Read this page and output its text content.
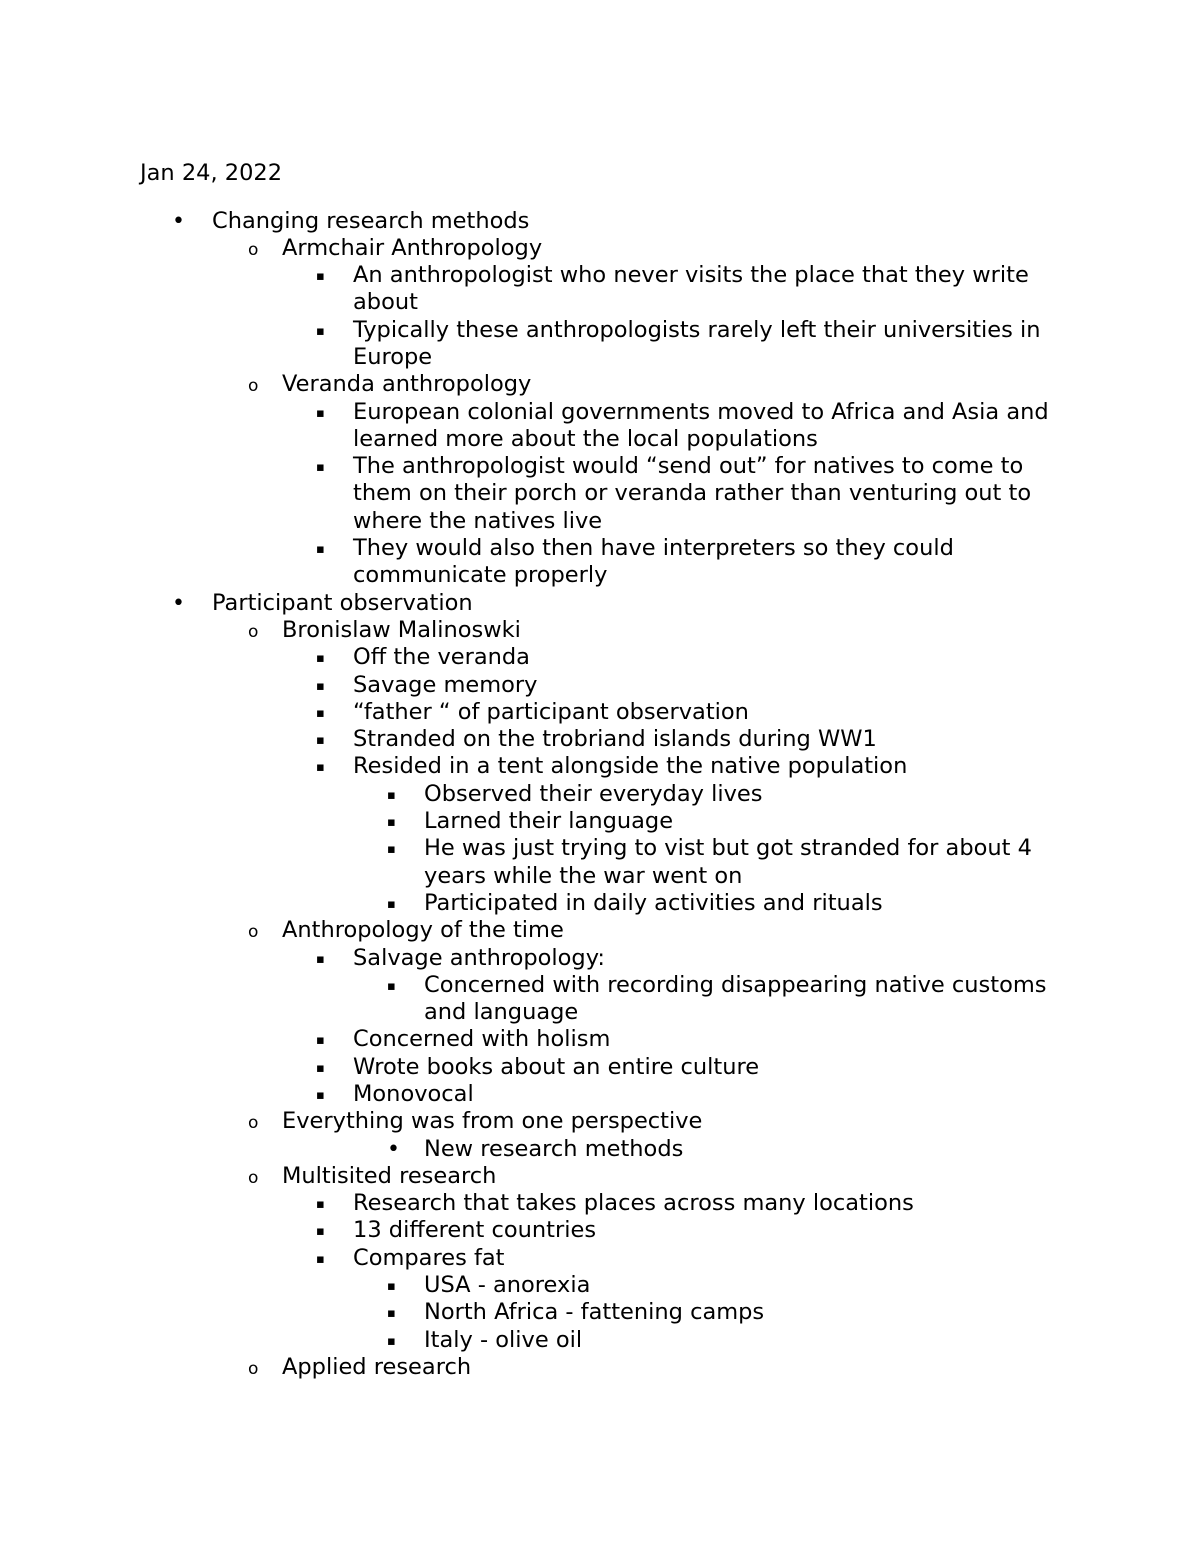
Jan 24, 2022
• Changing research methods
o Armchair Anthropology
▪ An anthropologist who never visits the place that they write about
▪ Typically these anthropologists rarely left their universities in Europe
o Veranda anthropology
▪ European colonial governments moved to Africa and Asia and learned more about the local populations
▪ The anthropologist would “send out” for natives to come to them on their porch or veranda rather than venturing out to where the natives live
▪ They would also then have interpreters so they could communicate properly
• Participant observation
o Bronislaw Malinoswki
▪ Off the veranda
▪ Savage memory
▪ “father “ of participant observation
▪ Stranded on the trobriand islands during WW1
▪ Resided in a tent alongside the native population
▪ Observed their everyday lives
▪ Larned their language
▪ He was just trying to vist but got stranded for about 4 years while the war went on
▪ Participated in daily activities and rituals
o Anthropology of the time
▪ Salvage anthropology:
▪ Concerned with recording disappearing native customs and language
▪ Concerned with holism
▪ Wrote books about an entire culture
▪ Monovocal
o Everything was from one perspective
• New research methods
o Multisited research
▪ Research that takes places across many locations
▪ 13 different countries
▪ Compares fat
▪ USA - anorexia
▪ North Africa - fattening camps
▪ Italy - olive oil
o Applied research
